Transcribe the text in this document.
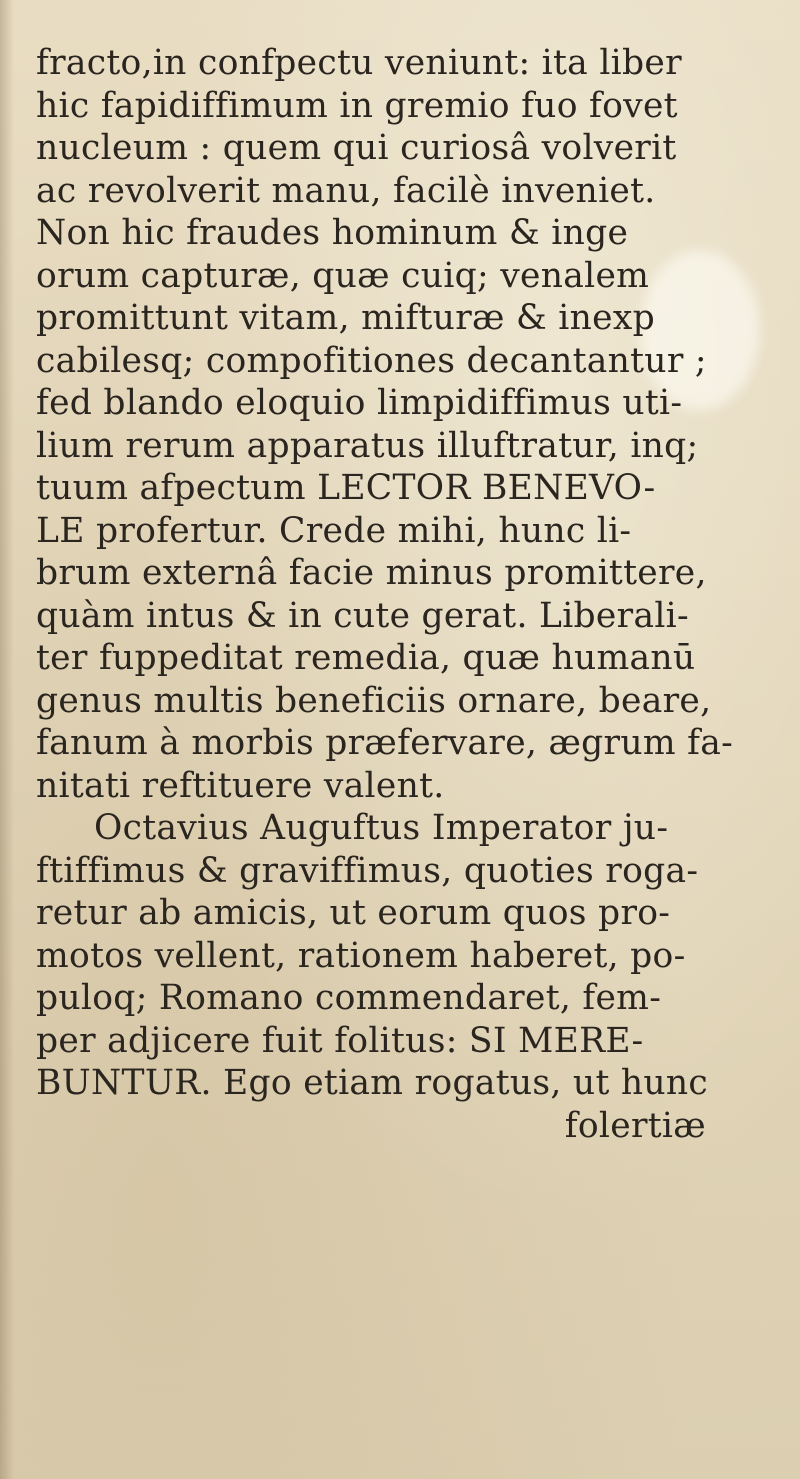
fracto,in confpectu veniunt: ita liber
hic fapidiffimum in gremio fuo fovet
nucleum : quem qui curiosâ volverit
ac revolverit manu, facilè inveniet.
Non hic fraudes hominum & inge
orum capturæ, quæ cuiq; venalem
promittunt vitam, mifturæ & inexp
cabilesq; compofitiones decantantur ;
fed blando eloquio limpidiffimus uti-
lium rerum apparatus illuftratur, inq;
tuum afpectum LECTOR BENEVO-
LE profertur. Crede mihi, hunc li-
brum externâ facie minus promittere,
quàm intus & in cute gerat. Liberali-
ter fuppeditat remedia, quæ humanū
genus multis beneficiis ornare, beare,
fanum à morbis præfervare, ægrum fa-
nitati reftituere valent.
Octavius Auguftus Imperator ju-
ftiffimus & graviffimus, quoties roga-
retur ab amicis, ut eorum quos pro-
motos vellent, rationem haberet, po-
puloq; Romano commendaret, fem-
per adjicere fuit folitus: SI MERE-
BUNTUR. Ego etiam rogatus, ut hunc
folertiæ
